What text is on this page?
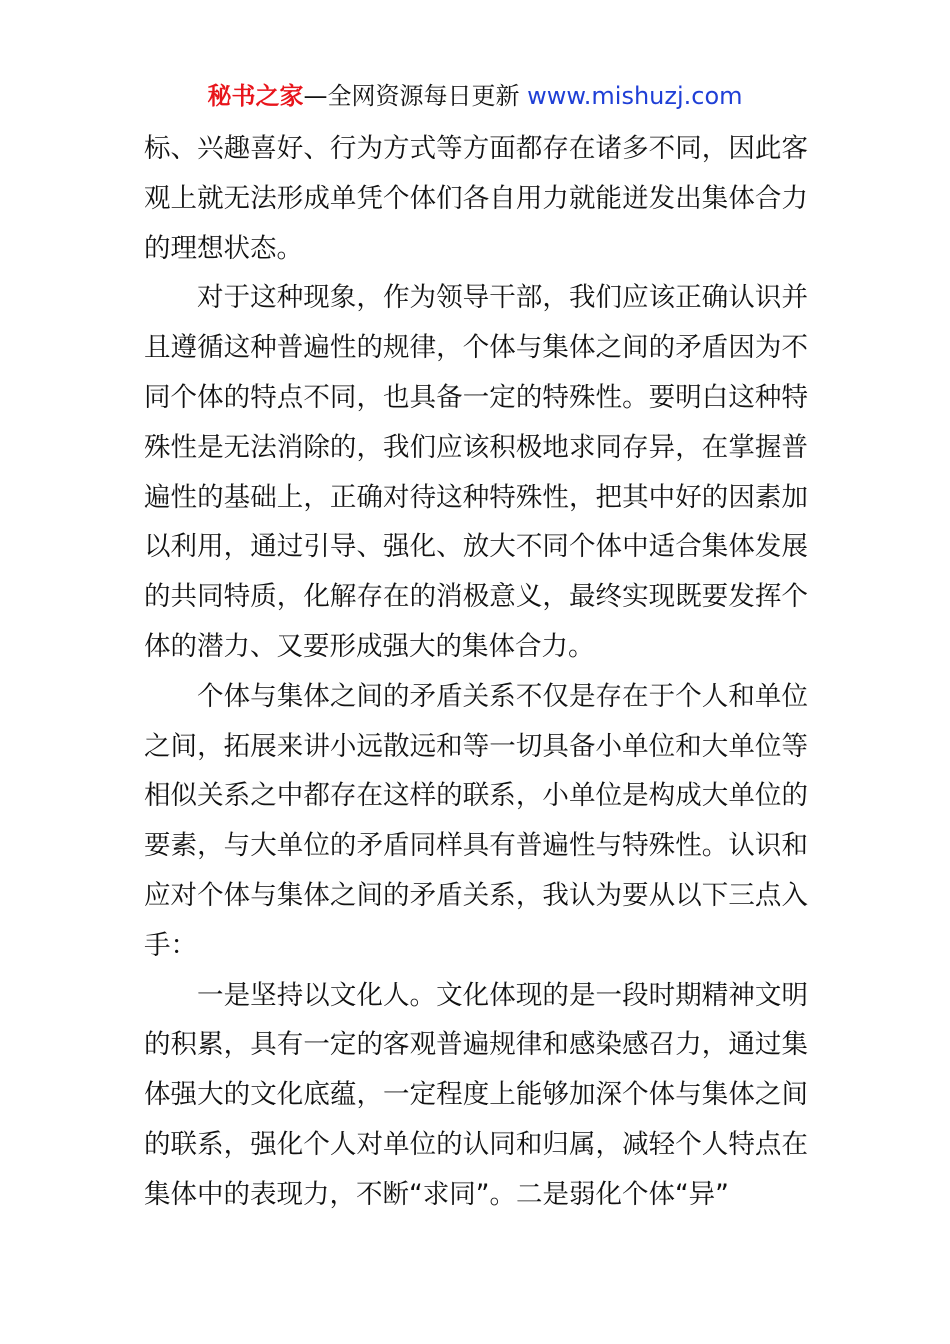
秘书之家—全网资源每日更新 www.mishuzj.com

标、兴趣喜好、行为方式等方面都存在诸多不同，因此客观上就无法形成单凭个体们各自用力就能迸发出集体合力的理想状态。

对于这种现象，作为领导干部，我们应该正确认识并且遵循这种普遍性的规律，个体与集体之间的矛盾因为不同个体的特点不同，也具备一定的特殊性。要明白这种特殊性是无法消除的，我们应该积极地求同存异，在掌握普遍性的基础上，正确对待这种特殊性，把其中好的因素加以利用，通过引导、强化、放大不同个体中适合集体发展的共同特质，化解存在的消极意义，最终实现既要发挥个体的潜力、又要形成强大的集体合力。

个体与集体之间的矛盾关系不仅是存在于个人和单位之间，拓展来讲小远散远和等一切具备小单位和大单位等相似关系之中都存在这样的联系，小单位是构成大单位的要素，与大单位的矛盾同样具有普遍性与特殊性。认识和应对个体与集体之间的矛盾关系，我认为要从以下三点入手：

一是坚持以文化人。文化体现的是一段时期精神文明的积累，具有一定的客观普遍规律和感染感召力，通过集体强大的文化底蕴，一定程度上能够加深个体与集体之间的联系，强化个人对单位的认同和归属，减轻个人特点在集体中的表现力，不断“求同”。二是弱化个体“异”
